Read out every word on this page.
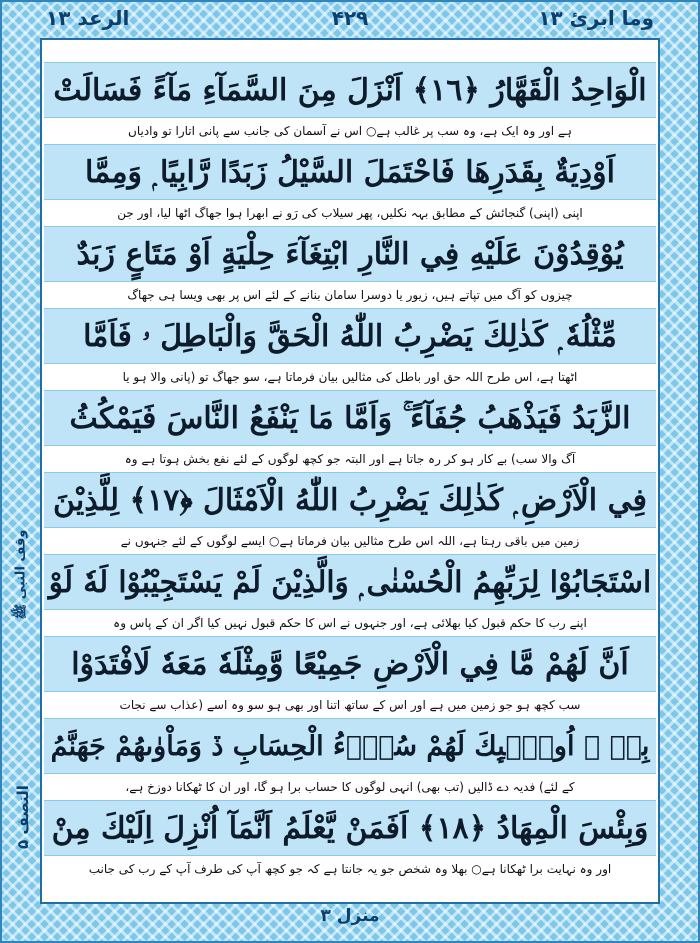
وما ابرئ ۱۳
۴۲۹
الرعد ۱۳
الْوَاحِدُ الْقَهَّارُ ﴿١٦﴾ اَنْزَلَ مِنَ السَّمَآءِ مَآءً فَسَالَتْ
ہے اور وہ ایک ہے، وہ سب پر غالب ہے○ اس نے آسمان کی جانب سے پانی اتارا تو وادیاں
اَوْدِيَةٌ بِقَدَرِهَا فَاحْتَمَلَ السَّيْلُ زَبَدًا رَّابِيًا ۭ وَمِمَّا
اپنی (اپنی) گنجائش کے مطابق بہہ نکلیں، پھر سیلاب کی رَو نے ابھرا ہوا جھاگ اٹھا لیا، اور جن
يُوْقِدُوْنَ عَلَيْهِ فِي النَّارِ ابْتِغَآءَ حِلْيَةٍ اَوْ مَتَاعٍ زَبَدٌ
چیزوں کو آگ میں تپاتے ہیں، زیور یا دوسرا سامان بنانے کے لئے اس پر بھی ویسا ہی جھاگ
مِّثْلُهٗ ۭ كَذٰلِكَ يَضْرِبُ اللّٰهُ الْحَقَّ وَالْبَاطِلَ ۥ فَاَمَّا
اٹھتا ہے، اس طرح اللہ حق اور باطل کی مثالیں بیان فرماتا ہے، سو جھاگ تو (پانی والا ہو یا
الزَّبَدُ فَيَذْهَبُ جُفَآءً ۚ وَاَمَّا مَا يَنْفَعُ النَّاسَ فَيَمْكُثُ
آگ والا سب) بے کار ہو کر رہ جاتا ہے اور البتہ جو کچھ لوگوں کے لئے نفع بخش ہوتا ہے وہ
فِي الْاَرْضِ ۭ كَذٰلِكَ يَضْرِبُ اللّٰهُ الْاَمْثَالَ ﴿١٧﴾ لِلَّذِيْنَ
زمین میں باقی رہتا ہے، اللہ اس طرح مثالیں بیان فرماتا ہے○ ایسے لوگوں کے لئے جنہوں نے
اسْتَجَابُوْا لِرَبِّهِمُ الْحُسْنٰى ۭ وَالَّذِيْنَ لَمْ يَسْتَجِيْبُوْا لَهٗ لَوْ
اپنے رب کا حکم قبول کیا بھلائی ہے، اور جنہوں نے اس کا حکم قبول نہیں کیا اگر ان کے پاس وہ
اَنَّ لَهُمْ مَّا فِي الْاَرْضِ جَمِيْعًا وَّمِثْلَهٗ مَعَهٗ لَافْتَدَوْا
سب کچھ ہو جو زمین میں ہے اور اس کے ساتھ اتنا اور بھی ہو سو وہ اسے (عذاب سے نجات
بِهٖ ۭ اُولٰۗىِٕكَ لَهُمْ سُوْۗءُ الْحِسَابِ ڏ وَمَاْوٰىهُمْ جَهَنَّمُ
کے لئے) فدیہ دے ڈالیں (تب بھی) انہی لوگوں کا حساب برا ہو گا، اور ان کا ٹھکانا دوزخ ہے،
وَبِئْسَ الْمِهَادُ ﴿١٨﴾ اَفَمَنْ يَّعْلَمُ اَنَّمَآ اُنْزِلَ اِلَيْكَ مِنْ
اور وہ نہایت برا ٹھکانا ہے○ بھلا وہ شخص جو یہ جانتا ہے کہ جو کچھ آپ کی طرف آپ کے رب کی جانب
وقف النبی ﷺ
النصف ۵
منزل ۳
